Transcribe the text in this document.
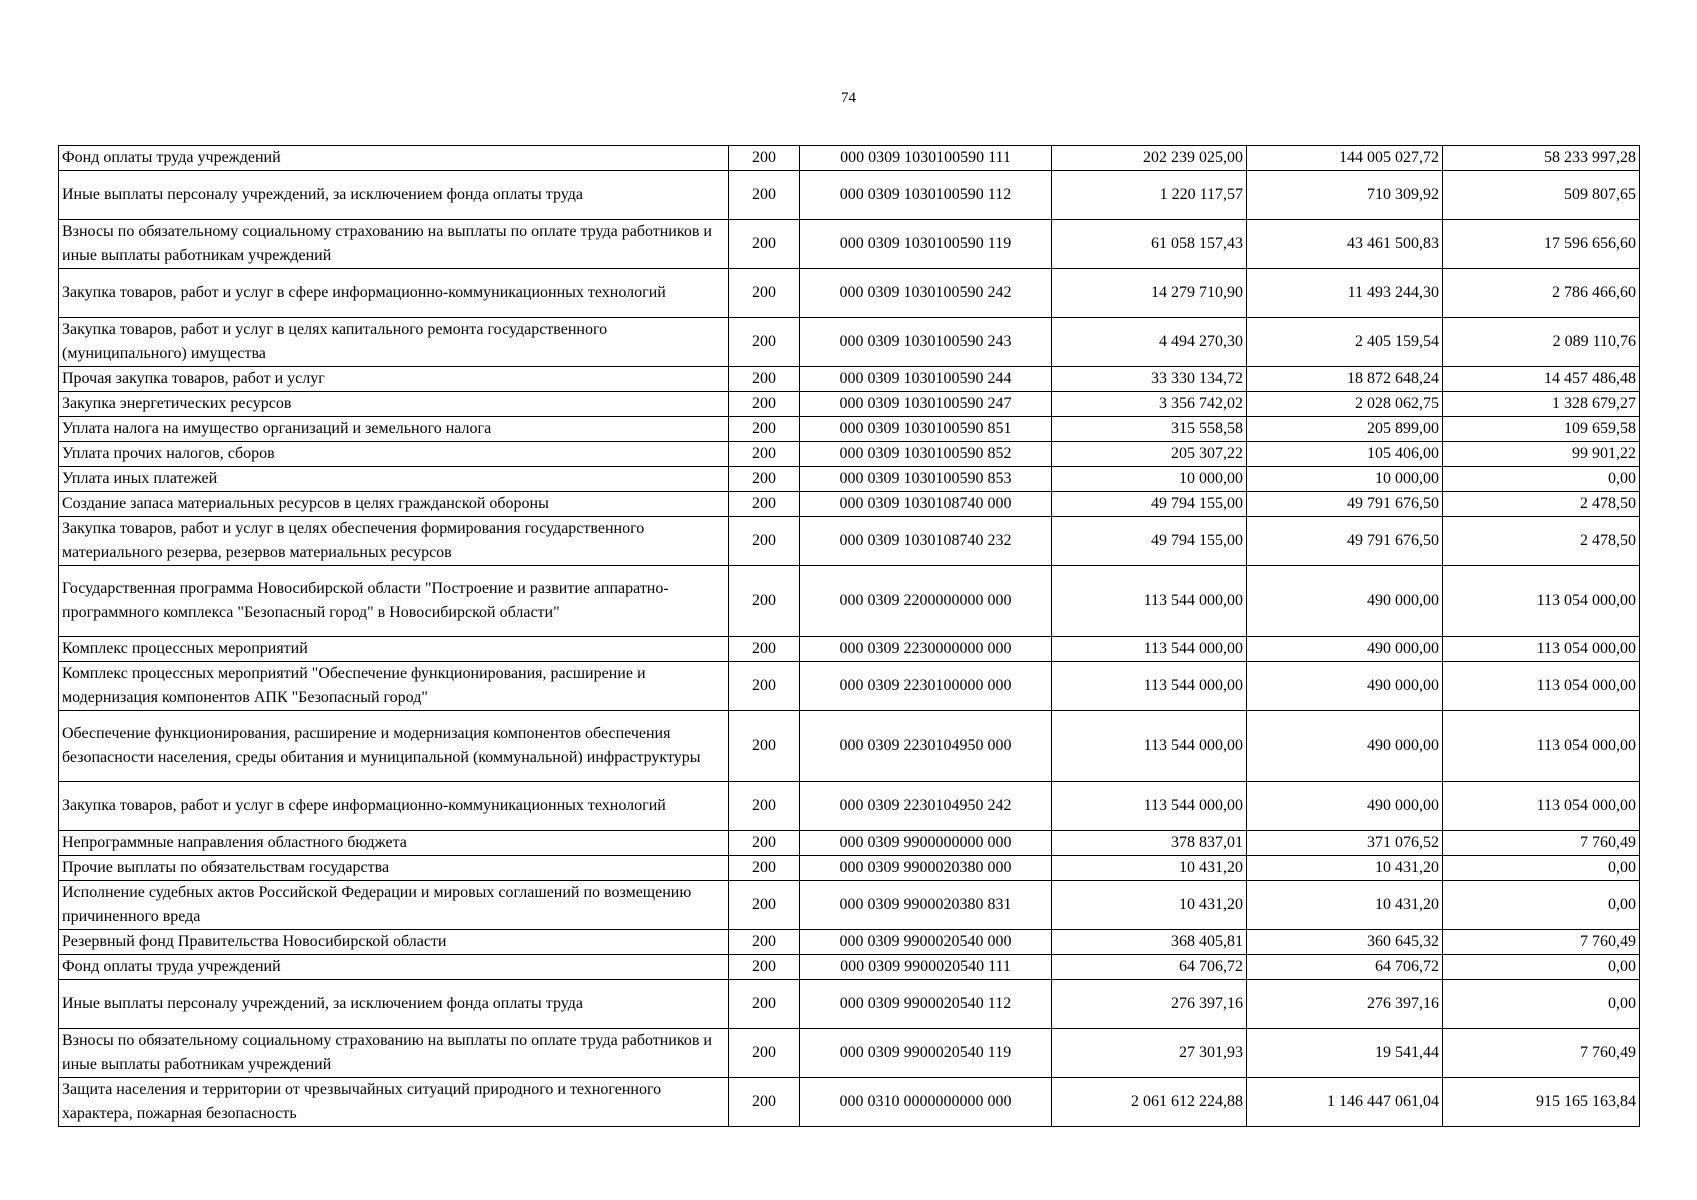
74
Фонд оплаты труда учреждений	200	000 0309 1030100590 111	202 239 025,00	144 005 027,72	58 233 997,28
Иные выплаты персоналу учреждений, за исключением фонда оплаты труда	200	000 0309 1030100590 112	1 220 117,57	710 309,92	509 807,65
Взносы по обязательному социальному страхованию на выплаты по оплате труда работников и иные выплаты работникам учреждений	200	000 0309 1030100590 119	61 058 157,43	43 461 500,83	17 596 656,60
Закупка товаров, работ и услуг в сфере информационно-коммуникационных технологий	200	000 0309 1030100590 242	14 279 710,90	11 493 244,30	2 786 466,60
Закупка товаров, работ и услуг в целях капитального ремонта государственного (муниципального) имущества	200	000 0309 1030100590 243	4 494 270,30	2 405 159,54	2 089 110,76
Прочая закупка товаров, работ и услуг	200	000 0309 1030100590 244	33 330 134,72	18 872 648,24	14 457 486,48
Закупка энергетических ресурсов	200	000 0309 1030100590 247	3 356 742,02	2 028 062,75	1 328 679,27
Уплата налога на имущество организаций и земельного налога	200	000 0309 1030100590 851	315 558,58	205 899,00	109 659,58
Уплата прочих налогов, сборов	200	000 0309 1030100590 852	205 307,22	105 406,00	99 901,22
Уплата иных платежей	200	000 0309 1030100590 853	10 000,00	10 000,00	0,00
Создание запаса материальных ресурсов в целях гражданской обороны	200	000 0309 1030108740 000	49 794 155,00	49 791 676,50	2 478,50
Закупка товаров, работ и услуг в целях обеспечения формирования государственного материального резерва, резервов материальных ресурсов	200	000 0309 1030108740 232	49 794 155,00	49 791 676,50	2 478,50
Государственная программа Новосибирской области "Построение и развитие аппаратно-программного комплекса "Безопасный город" в Новосибирской области"	200	000 0309 2200000000 000	113 544 000,00	490 000,00	113 054 000,00
Комплекс процессных мероприятий	200	000 0309 2230000000 000	113 544 000,00	490 000,00	113 054 000,00
Комплекс процессных мероприятий "Обеспечение функционирования, расширение и модернизация компонентов АПК "Безопасный город"	200	000 0309 2230100000 000	113 544 000,00	490 000,00	113 054 000,00
Обеспечение функционирования, расширение и модернизация компонентов обеспечения безопасности населения, среды обитания и муниципальной (коммунальной) инфраструктуры	200	000 0309 2230104950 000	113 544 000,00	490 000,00	113 054 000,00
Закупка товаров, работ и услуг в сфере информационно-коммуникационных технологий	200	000 0309 2230104950 242	113 544 000,00	490 000,00	113 054 000,00
Непрограммные направления областного бюджета	200	000 0309 9900000000 000	378 837,01	371 076,52	7 760,49
Прочие выплаты по обязательствам государства	200	000 0309 9900020380 000	10 431,20	10 431,20	0,00
Исполнение судебных актов Российской Федерации и мировых соглашений по возмещению причиненного вреда	200	000 0309 9900020380 831	10 431,20	10 431,20	0,00
Резервный фонд Правительства Новосибирской области	200	000 0309 9900020540 000	368 405,81	360 645,32	7 760,49
Фонд оплаты труда учреждений	200	000 0309 9900020540 111	64 706,72	64 706,72	0,00
Иные выплаты персоналу учреждений, за исключением фонда оплаты труда	200	000 0309 9900020540 112	276 397,16	276 397,16	0,00
Взносы по обязательному социальному страхованию на выплаты по оплате труда работников и иные выплаты работникам учреждений	200	000 0309 9900020540 119	27 301,93	19 541,44	7 760,49
Защита населения и территории от чрезвычайных ситуаций природного и техногенного характера, пожарная безопасность	200	000 0310 0000000000 000	2 061 612 224,88	1 146 447 061,04	915 165 163,84
